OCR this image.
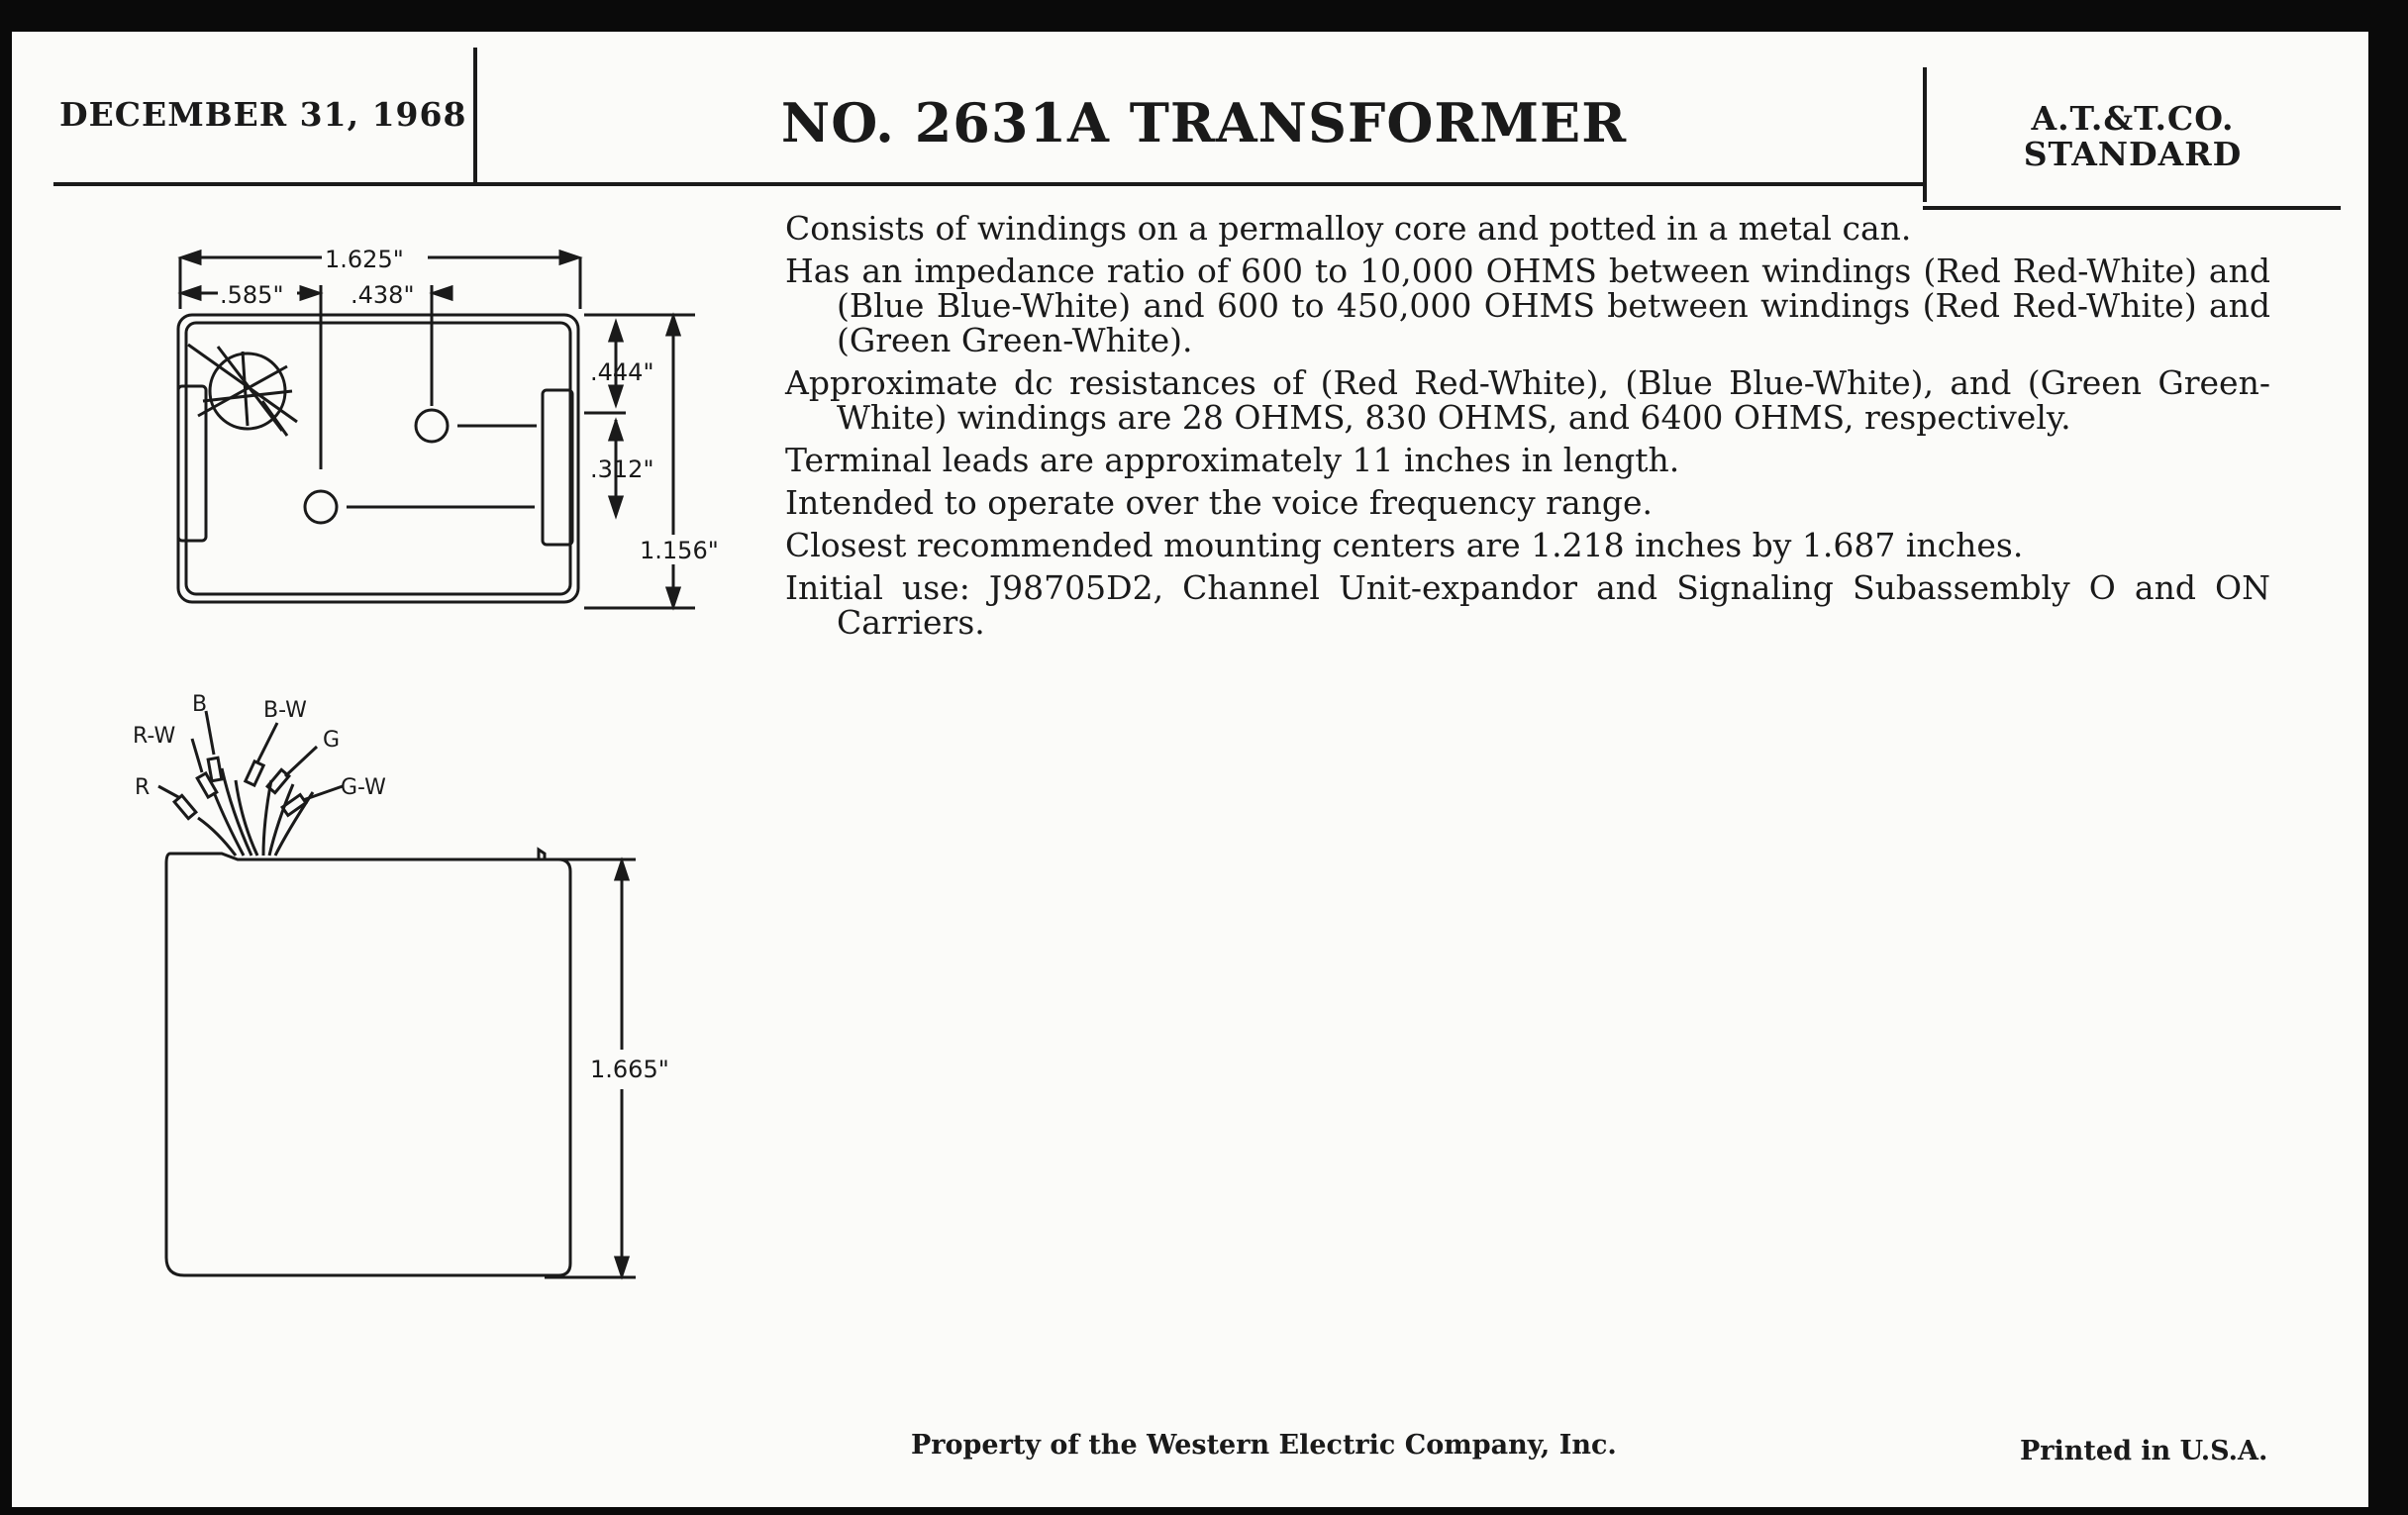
DECEMBER 31, 1968	NO. 2631A TRANSFORMER	A.T.&T.CO.
STANDARD
1.625"
.585"	.438"
.444"
.312"
1.156"
B	B-W
R-W	G
R	G-W
1.665"

Consists of windings on a permalloy core and potted in a metal can.

Has an impedance ratio of 600 to 10,000 OHMS between windings (Red Red-White) and (Blue Blue-White) and 600 to 450,000 OHMS between windings (Red Red-White) and (Green Green-White).

Approximate dc resistances of (Red Red-White), (Blue Blue-White), and (Green Green-White) windings are 28 OHMS, 830 OHMS, and 6400 OHMS, respectively.

Terminal leads are approximately 11 inches in length.

Intended to operate over the voice frequency range.

Closest recommended mounting centers are 1.218 inches by 1.687 inches.

Initial use: J98705D2, Channel Unit-expandor and Signaling Subassembly O and ON Carriers.

Property of the Western Electric Company, Inc.	Printed in U.S.A.
